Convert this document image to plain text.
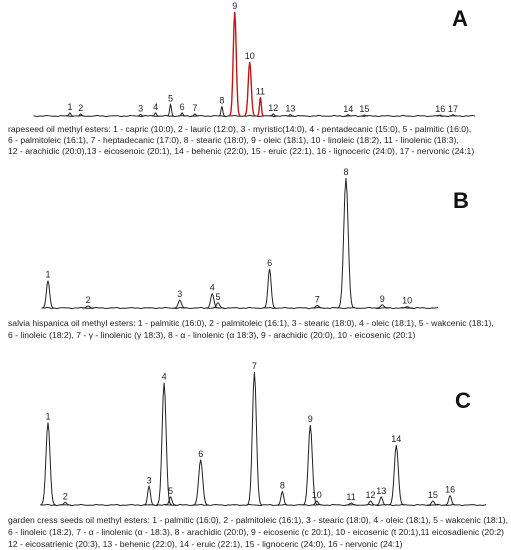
A
1 2	3 4
5
6 7
8
9
10
11
12 13	14 15	16 17
rapeseed oil methyl esters: 1 - capric (10:0), 2 - lauric (12:0), 3 - myristic(14:0), 4 - pentadecanic (15:0), 5 - palmitic (16:0),
6 - palmitoleic (16:1), 7 - heptadecanic (17:0), 8 - stearic (18:0), 9 - oleic (18:1), 10 - linoleic (18:2), 11 - linolenic (18:3),
12 - arachidic (20:0),13 - eicosenoic (20:1), 14 - behenic (22:0), 15 - eruic (22:1), 16 - lignoceric (24:0), 17 - nervonic (24:1)
B
1
2
3
4
5
6
7
8
9 10
salvia hispanica oil methyl esters: 1 - palmitic (16:0), 2 - palmitoleic (16:1), 3 - stearic (18:0), 4 - oleic (18:1), 5 - wakcenic (18:1),
6 - linoleic (18:2), 7 - γ - linolenic (γ 18:3), 8 - α - linolenic (α 18:3), 9 - arachidic (20:0), 10 - eicosenic (20:1)
C
1
2
3
4
5
6
7
8
9
10	11 12 13
14
15
16
garden cress seeds oil methyl esters: 1 - palmitic (16:0), 2 - palmitoleic (16:1), 3 - stearic (18:0), 4 - oleic (18:1), 5 - wakcenic (18:1),
6 - linoleic (18:2), 7 - α - linolenic (α - 18:3), 8 - arachidic (20:0), 9 - eicosenic (c 20:1), 10 - eicosenic (t 20:1),11 eicosadienic (20:2)
12 - eicosatrienic (20:3), 13 - behenic (22:0), 14 - eruic (22:1), 15 - lignoceric (24:0), 16 - nervonic (24:1)
